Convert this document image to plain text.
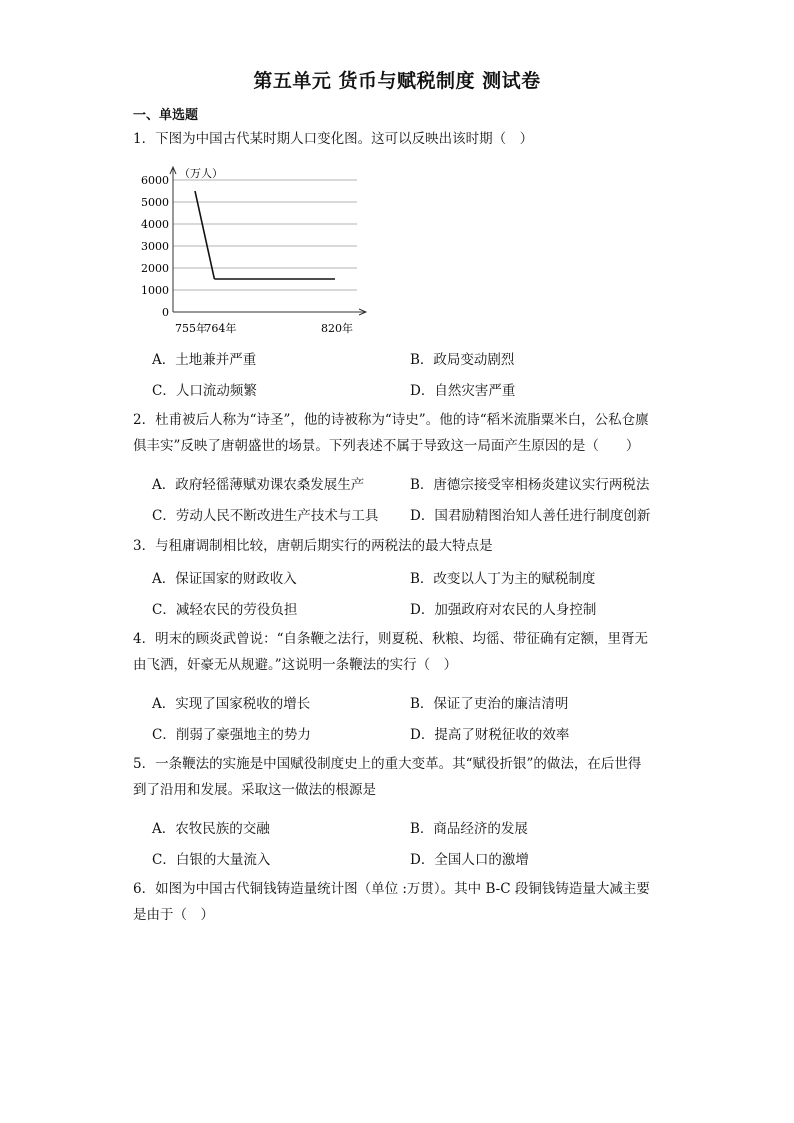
第五单元 货币与赋税制度 测试卷
一、单选题
1．下图为中国古代某时期人口变化图。这可以反映出该时期（　）
0
1000
2000
3000
4000
5000
6000
755年
764年	820年
（万人）
A．土地兼并严重	B．政局变动剧烈
C．人口流动频繁	D．自然灾害严重
2．杜甫被后人称为“诗圣”，他的诗被称为“诗史”。他的诗“稻米流脂粟米白，公私仓廪
俱丰实”反映了唐朝盛世的场景。下列表述不属于导致这一局面产生原因的是（　　）
A．政府轻徭薄赋劝课农桑发展生产	B．唐德宗接受宰相杨炎建议实行两税法
C．劳动人民不断改进生产技术与工具 D．国君励精图治知人善任进行制度创新
3．与租庸调制相比较，唐朝后期实行的两税法的最大特点是
A．保证国家的财政收入	B．改变以人丁为主的赋税制度
C．减轻农民的劳役负担	D．加强政府对农民的人身控制
4．明末的顾炎武曾说：“自条鞭之法行，则夏税、秋粮、均徭、带征确有定额，里胥无
由飞洒，奸豪无从规避。”这说明一条鞭法的实行（　）
A．实现了国家税收的增长	B．保证了吏治的廉洁清明
C．削弱了豪强地主的势力	D．提高了财税征收的效率
5．一条鞭法的实施是中国赋役制度史上的重大变革。其“赋役折银”的做法，在后世得
到了沿用和发展。采取这一做法的根源是
A．农牧民族的交融	B．商品经济的发展
C．白银的大量流入	D．全国人口的激增
6．如图为中国古代铜钱铸造量统计图（单位 :万贯）。其中 B-C 段铜钱铸造量大减主要
是由于（　）
